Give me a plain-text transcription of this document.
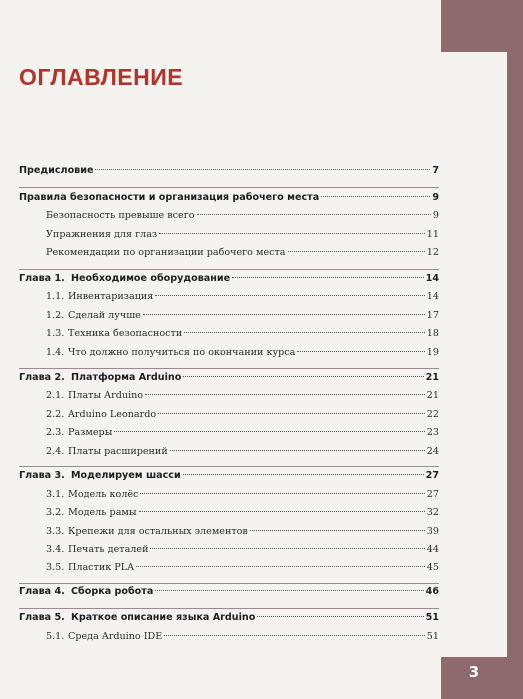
3
ОГЛАВЛЕНИЕ
Предисловие	7
Правила безопасности и организация рабочего места	9
Безопасность превыше всего	9
Упражнения для глаз	11
Рекомендации по организации рабочего места	12
Глава 1. Необходимое оборудование	14
1.1. Инвентаризация	14
1.2. Сделай лучше	17
1.3. Техника безопасности	18
1.4. Что должно получиться по окончании курса	19
Глава 2. Платформа Arduino	21
2.1. Платы Arduino	21
2.2. Arduino Leonardo	22
2.3. Размеры	23
2.4. Платы расширений	24
Глава 3. Моделируем шасси	27
3.1. Модель колёс	27
3.2. Модель рамы	32
3.3. Крепежи для остальных элементов	39
3.4. Печать деталей	44
3.5. Пластик PLA	45
Глава 4. Сборка робота	46
Глава 5. Краткое описание языка Arduino	51
5.1. Среда Arduino IDE	51
